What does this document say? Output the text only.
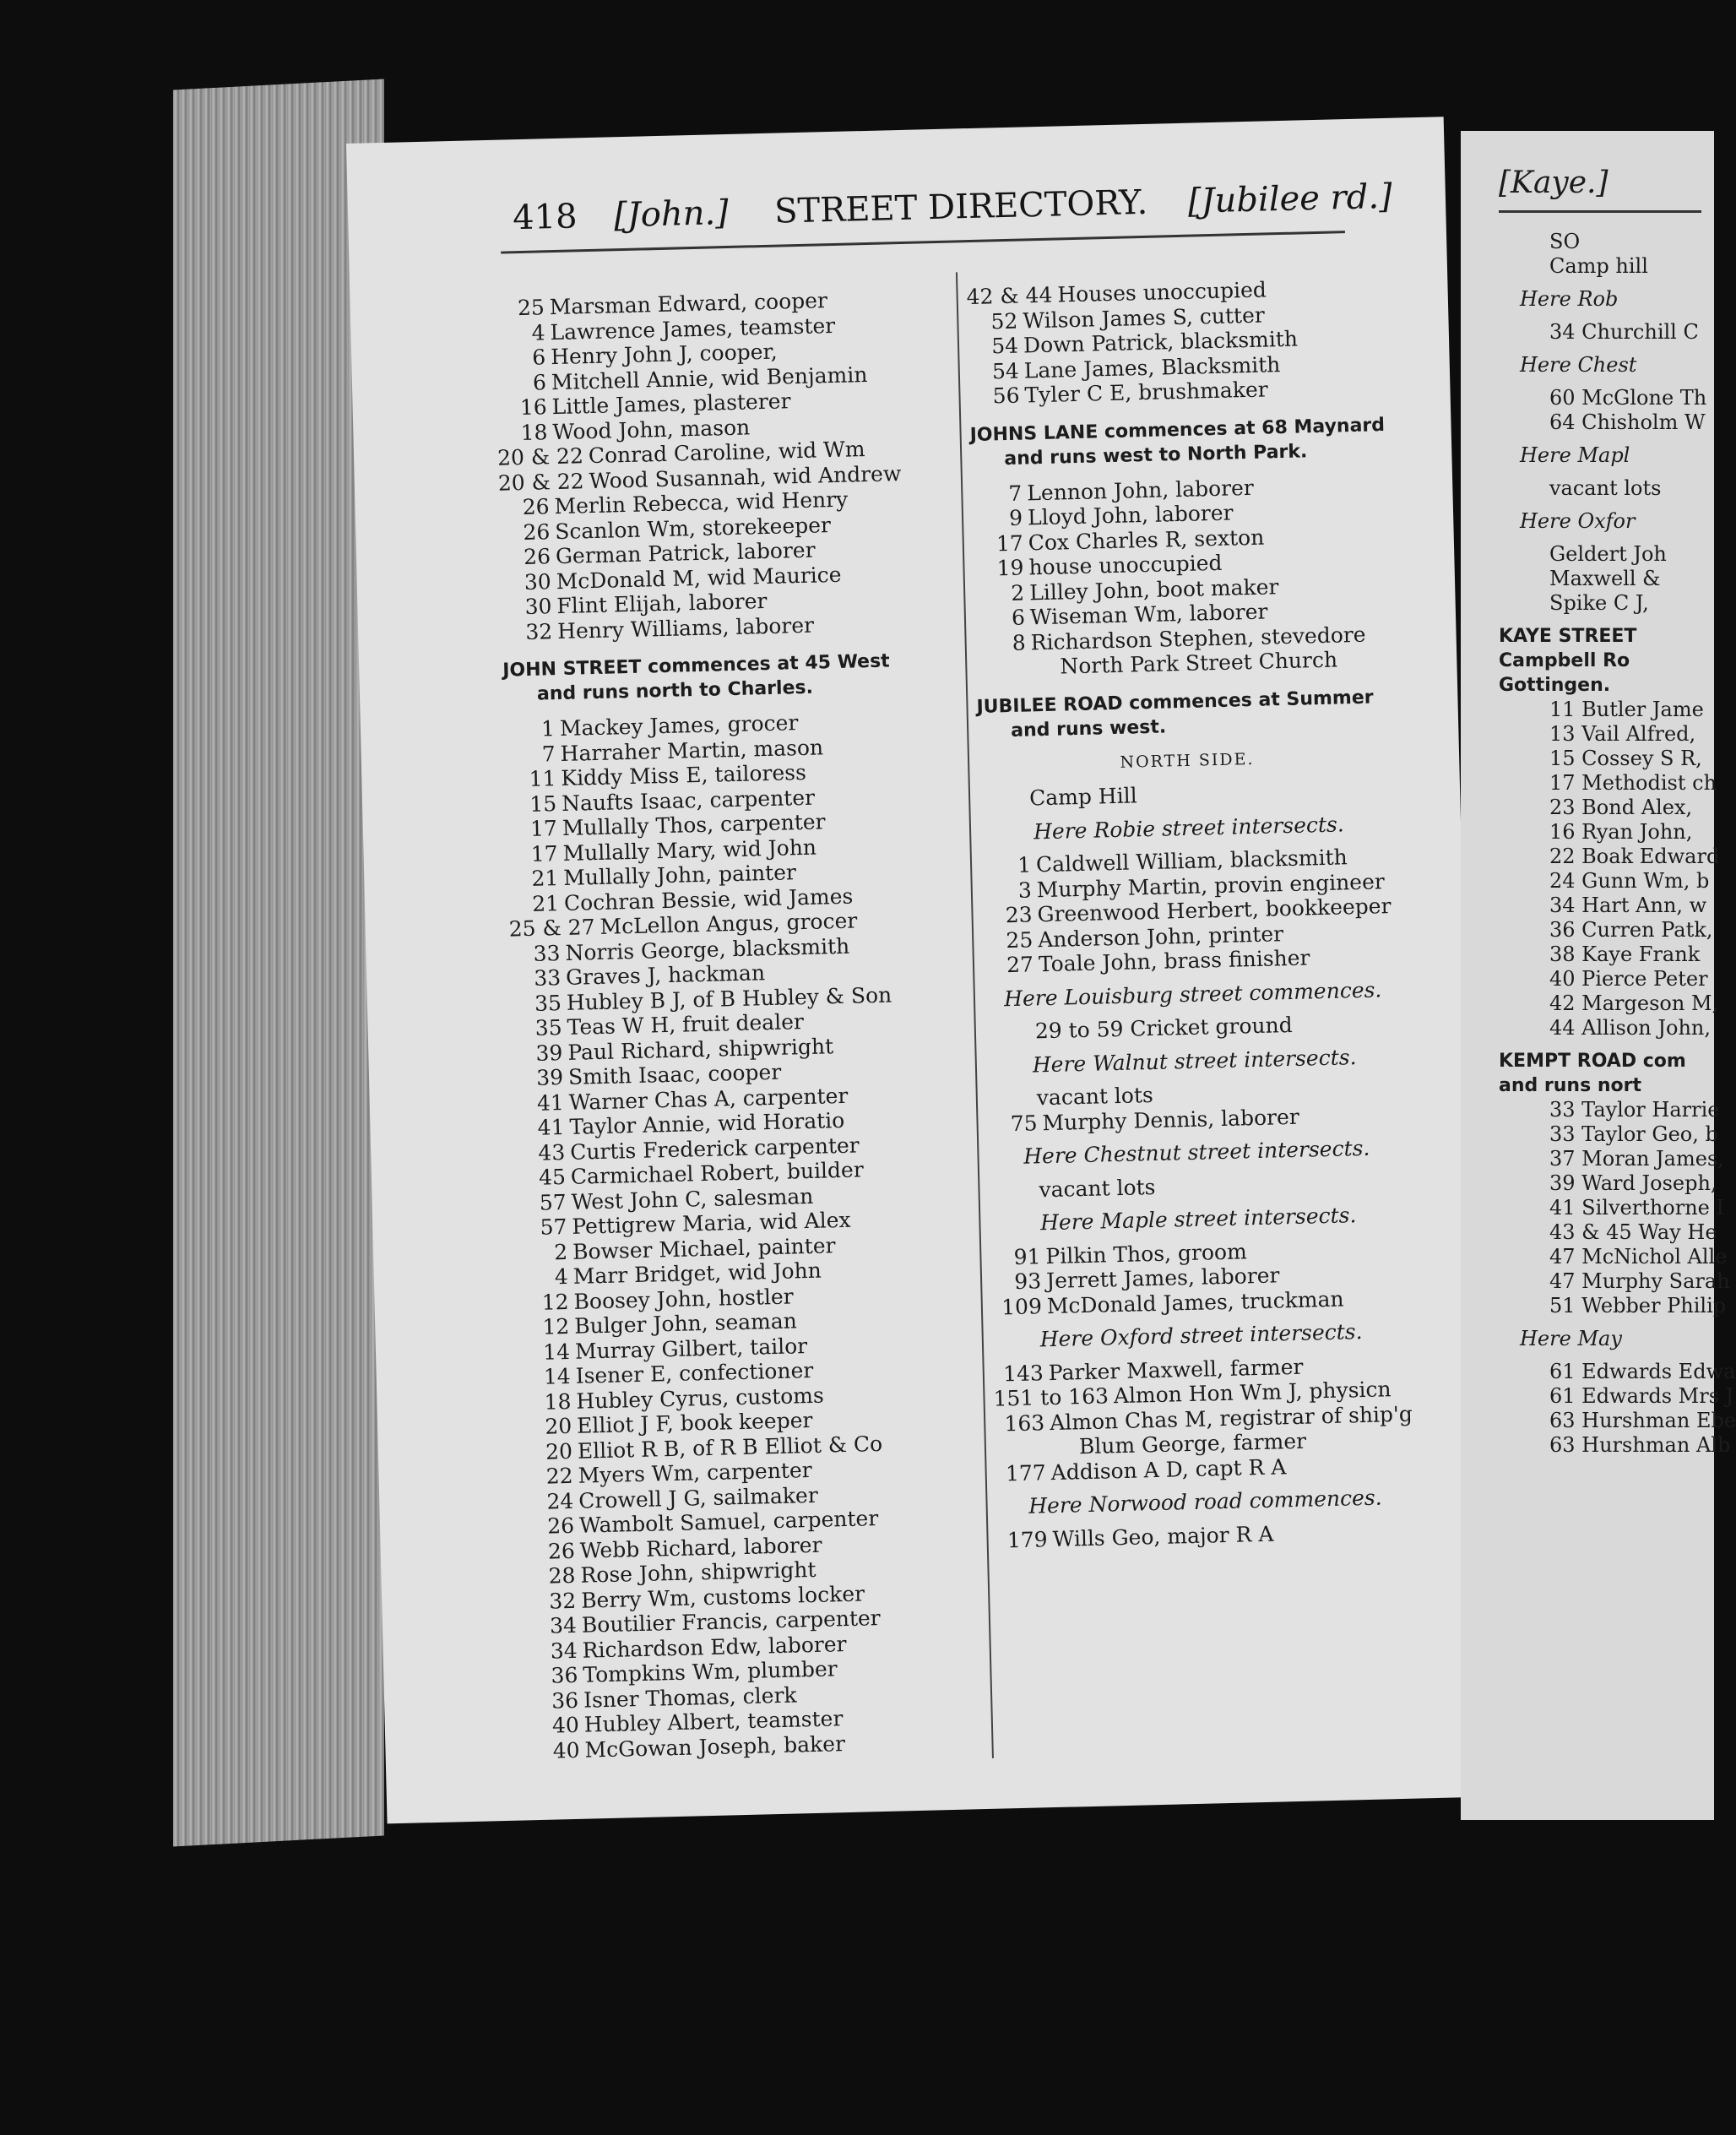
418 [John.] STREET DIRECTORY. [Jubilee rd.]
25 Marsman Edward, cooper
4 Lawrence James, teamster
6 Henry John J, cooper,
6 Mitchell Annie, wid Benjamin
16 Little James, plasterer
18 Wood John, mason
20 & 22 Conrad Caroline, wid Wm
20 & 22 Wood Susannah, wid Andrew
26 Merlin Rebecca, wid Henry
26 Scanlon Wm, storekeeper
26 German Patrick, laborer
30 McDonald M, wid Maurice
30 Flint Elijah, laborer
32 Henry Williams, laborer
JOHN STREET commences at 45 West
and runs north to Charles.
1 Mackey James, grocer
7 Harraher Martin, mason
11 Kiddy Miss E, tailoress
15 Naufts Isaac, carpenter
17 Mullally Thos, carpenter
17 Mullally Mary, wid John
21 Mullally John, painter
21 Cochran Bessie, wid James
25 & 27 McLellon Angus, grocer
33 Norris George, blacksmith
33 Graves J, hackman
35 Hubley B J, of B Hubley & Son
35 Teas W H, fruit dealer
39 Paul Richard, shipwright
39 Smith Isaac, cooper
41 Warner Chas A, carpenter
41 Taylor Annie, wid Horatio
43 Curtis Frederick carpenter
45 Carmichael Robert, builder
57 West John C, salesman
57 Pettigrew Maria, wid Alex
2 Bowser Michael, painter
4 Marr Bridget, wid John
12 Boosey John, hostler
12 Bulger John, seaman
14 Murray Gilbert, tailor
14 Isener E, confectioner
18 Hubley Cyrus, customs
20 Elliot J F, book keeper
20 Elliot R B, of R B Elliot & Co
22 Myers Wm, carpenter
24 Crowell J G, sailmaker
26 Wambolt Samuel, carpenter
26 Webb Richard, laborer
28 Rose John, shipwright
32 Berry Wm, customs locker
34 Boutilier Francis, carpenter
34 Richardson Edw, laborer
36 Tompkins Wm, plumber
36 Isner Thomas, clerk
40 Hubley Albert, teamster
40 McGowan Joseph, baker
42 & 44 Houses unoccupied
52 Wilson James S, cutter
54 Down Patrick, blacksmith
54 Lane James, Blacksmith
56 Tyler C E, brushmaker
JOHNS LANE commences at 68 Maynard
and runs west to North Park.
7 Lennon John, laborer
9 Lloyd John, laborer
17 Cox Charles R, sexton
19 house unoccupied
2 Lilley John, boot maker
6 Wiseman Wm, laborer
8 Richardson Stephen, stevedore
North Park Street Church
JUBILEE ROAD commences at Summer
and runs west.
NORTH SIDE.
Camp Hill
Here Robie street intersects.
1 Caldwell William, blacksmith
3 Murphy Martin, provin engineer
23 Greenwood Herbert, bookkeeper
25 Anderson John, printer
27 Toale John, brass finisher
Here Louisburg street commences.
29 to 59 Cricket ground
Here Walnut street intersects.
vacant lots
75 Murphy Dennis, laborer
Here Chestnut street intersects.
vacant lots
Here Maple street intersects.
91 Pilkin Thos, groom
93 Jerrett James, laborer
109 McDonald James, truckman
Here Oxford street intersects.
143 Parker Maxwell, farmer
151 to 163 Almon Hon Wm J, physicn
163 Almon Chas M, registrar of ship'g
Blum George, farmer
177 Addison A D, capt R A
Here Norwood road commences.
179 Wills Geo, major R A
[Kaye.]
SO
Camp hill
Here Rob
34 Churchill C
Here Chest
60 McGlone Th
64 Chisholm W
Here Mapl
vacant lots
Here Oxfor
Geldert Joh
Maxwell &
Spike C J,
KAYE STREET
Campbell Ro
Gottingen.
11 Butler Jame
13 Vail Alfred,
15 Cossey S R,
17 Methodist ch
23 Bond Alex,
16 Ryan John,
22 Boak Edward
24 Gunn Wm, b
34 Hart Ann, w
36 Curren Patk,
38 Kaye Frank
40 Pierce Peter
42 Margeson M,
44 Allison John,
KEMPT ROAD com
and runs nort
33 Taylor Harrie
33 Taylor Geo, b
37 Moran James,
39 Ward Joseph,
41 Silverthorne I
43 & 45 Way He
47 McNichol Alle
47 Murphy Sarah
51 Webber Philip
Here May
61 Edwards Edwa
61 Edwards Mrs J
63 Hurshman Ebe
63 Hurshman Alb
